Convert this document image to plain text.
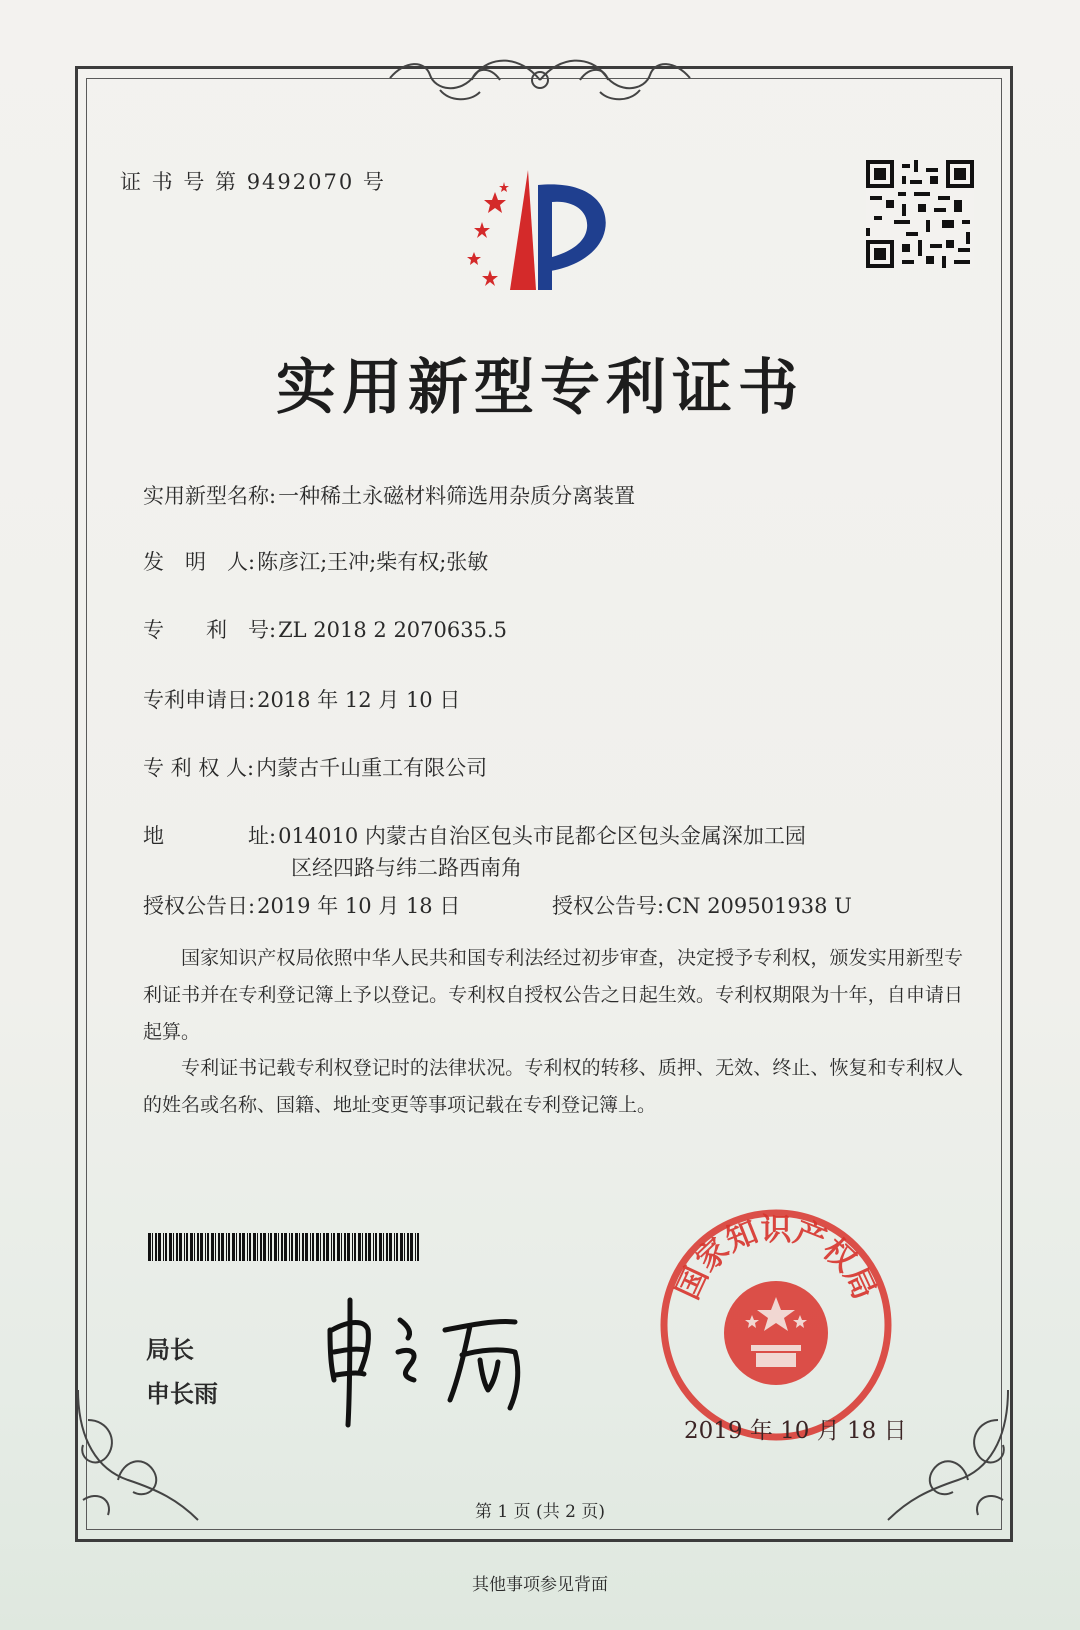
证 书 号 第 9492070 号
实用新型专利证书
实用新型名称:一种稀土永磁材料筛选用杂质分离装置
发　明　人:陈彦江;王冲;柴有权;张敏
专　　利　号:ZL 2018 2 2070635.5
专利申请日:2018 年 12 月 10 日
专 利 权 人:内蒙古千山重工有限公司
地　　　　址:014010 内蒙古自治区包头市昆都仑区包头金属深加工园
区经四路与纬二路西南角
授权公告日:2019 年 10 月 18 日	授权公告号:CN 209501938 U
国家知识产权局依照中华人民共和国专利法经过初步审查，决定授予专利权，颁发实用新型专利证书并在专利登记簿上予以登记。专利权自授权公告之日起生效。专利权期限为十年，自申请日起算。
专利证书记载专利权登记时的法律状况。专利权的转移、质押、无效、终止、恢复和专利权人的姓名或名称、国籍、地址变更等事项记载在专利登记簿上。
局长
申长雨
国家知识产权局
2019 年 10 月 18 日
第 1 页 (共 2 页)
其他事项参见背面
